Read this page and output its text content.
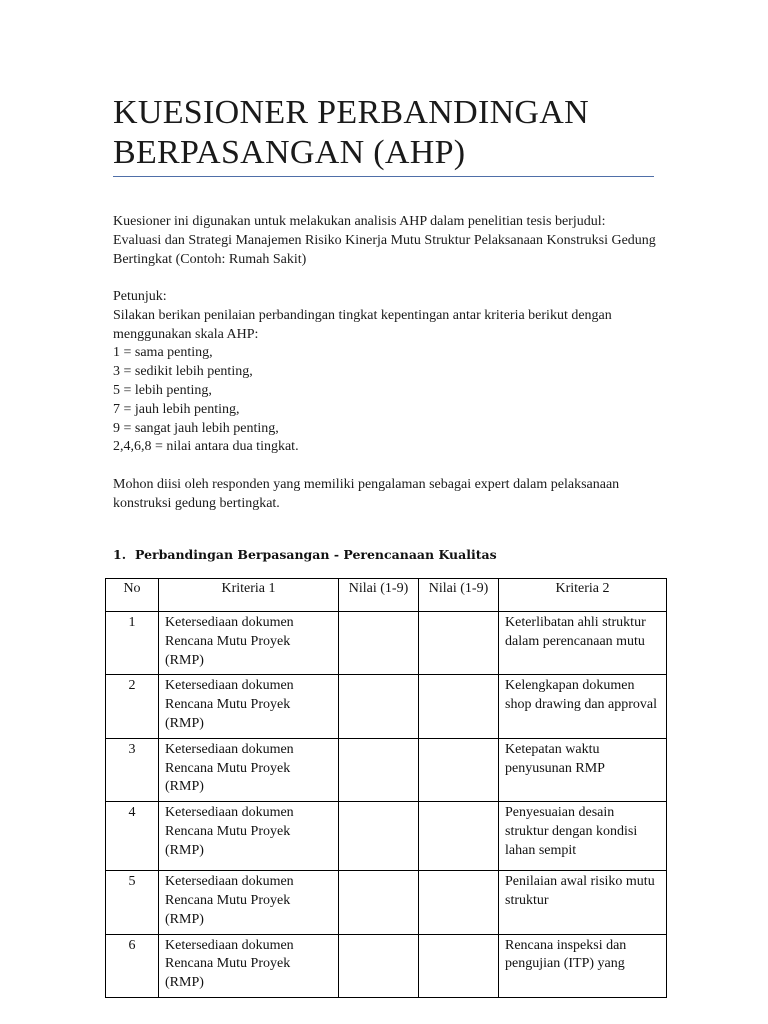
KUESIONER PERBANDINGAN
BERPASANGAN (AHP)

Kuesioner ini digunakan untuk melakukan analisis AHP dalam penelitian tesis berjudul:

Evaluasi dan Strategi Manajemen Risiko Kinerja Mutu Struktur Pelaksanaan Konstruksi Gedung

Bertingkat (Contoh: Rumah Sakit)

Petunjuk:

Silakan berikan penilaian perbandingan tingkat kepentingan antar kriteria berikut dengan

menggunakan skala AHP:

1 = sama penting,

3 = sedikit lebih penting,

5 = lebih penting,

7 = jauh lebih penting,

9 = sangat jauh lebih penting,

2,4,6,8 = nilai antara dua tingkat.

Mohon diisi oleh responden yang memiliki pengalaman sebagai expert dalam pelaksanaan

konstruksi gedung bertingkat.

1. Perbandingan Berpasangan - Perencanaan Kualitas
No	Kriteria 1	Nilai (1-9)	Nilai (1-9)	Kriteria 2
1	Ketersediaan dokumen Rencana Mutu Proyek (RMP)			Keterlibatan ahli struktur dalam perencanaan mutu
2	Ketersediaan dokumen Rencana Mutu Proyek (RMP)			Kelengkapan dokumen shop drawing dan approval
3	Ketersediaan dokumen Rencana Mutu Proyek (RMP)			Ketepatan waktu penyusunan RMP
4	Ketersediaan dokumen Rencana Mutu Proyek (RMP)			Penyesuaian desain struktur dengan kondisi lahan sempit
5	Ketersediaan dokumen Rencana Mutu Proyek (RMP)			Penilaian awal risiko mutu struktur
6	Ketersediaan dokumen Rencana Mutu Proyek (RMP)			Rencana inspeksi dan pengujian (ITP) yang
